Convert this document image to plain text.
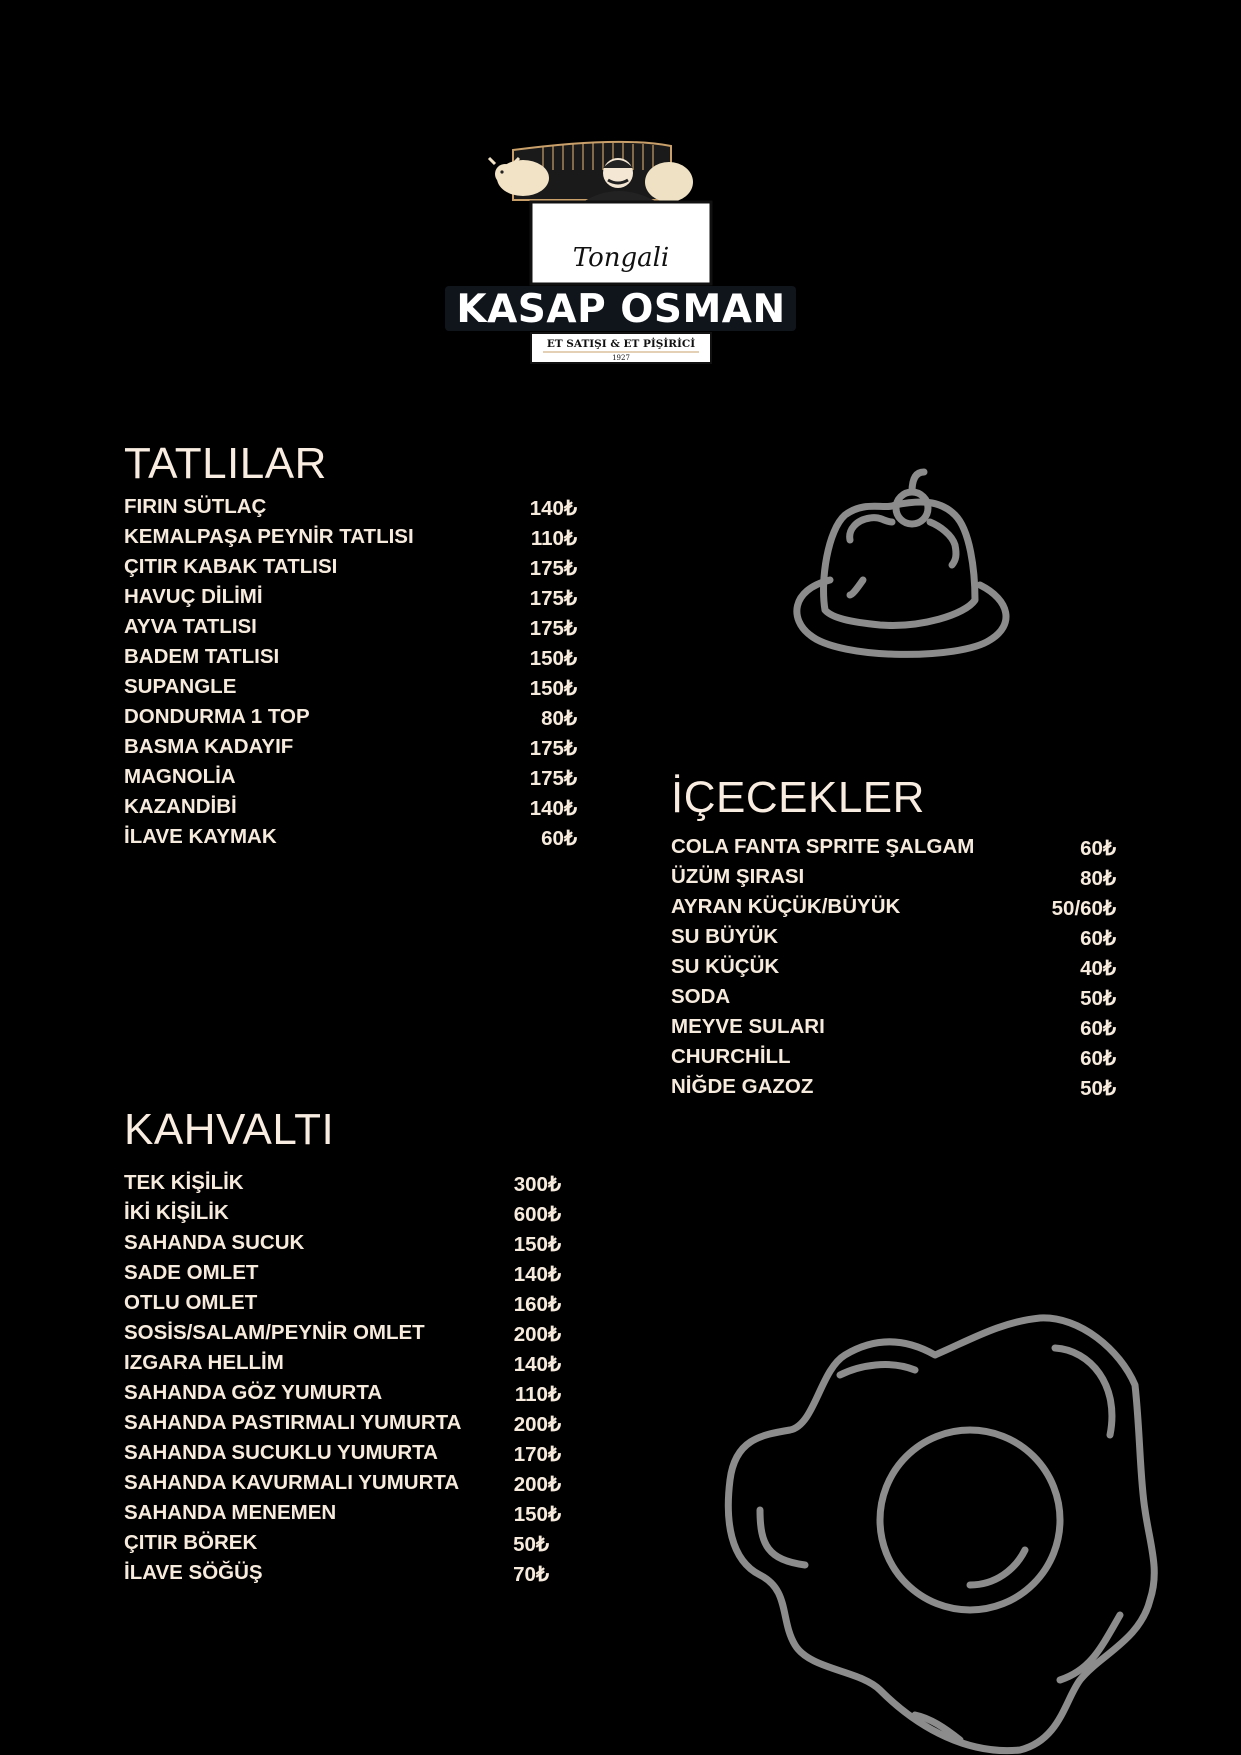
Tongali
KASAP OSMAN
ET SATIŞI & ET PİŞİRİCİ
1927
TATLILAR
FIRIN SÜTLAÇ	140₺
KEMALPAŞA PEYNİR TATLISI	110₺
ÇITIR KABAK TATLISI	175₺
HAVUÇ DİLİMİ	175₺
AYVA TATLISI	175₺
BADEM TATLISI	150₺
SUPANGLE	150₺
DONDURMA 1 TOP	80₺
BASMA KADAYIF	175₺
MAGNOLİA	175₺
KAZANDİBİ	140₺
İLAVE KAYMAK	60₺
İÇECEKLER
COLA FANTA SPRITE ŞALGAM	60₺
ÜZÜM ŞIRASI	80₺
AYRAN KÜÇÜK/BÜYÜK	50/60₺
SU BÜYÜK	60₺
SU KÜÇÜK	40₺
SODA	50₺
MEYVE SULARI	60₺
CHURCHİLL	60₺
NİĞDE GAZOZ	50₺
KAHVALTI
TEK KİŞİLİK	300₺
İKİ KİŞİLİK	600₺
SAHANDA SUCUK	150₺
SADE OMLET	140₺
OTLU OMLET	160₺
SOSİS/SALAM/PEYNİR OMLET	200₺
IZGARA HELLİM	140₺
SAHANDA GÖZ YUMURTA	110₺
SAHANDA PASTIRMALI YUMURTA	200₺
SAHANDA SUCUKLU YUMURTA	170₺
SAHANDA KAVURMALI YUMURTA	200₺
SAHANDA MENEMEN	150₺
ÇITIR BÖREK	50₺
İLAVE SÖĞÜŞ	70₺
